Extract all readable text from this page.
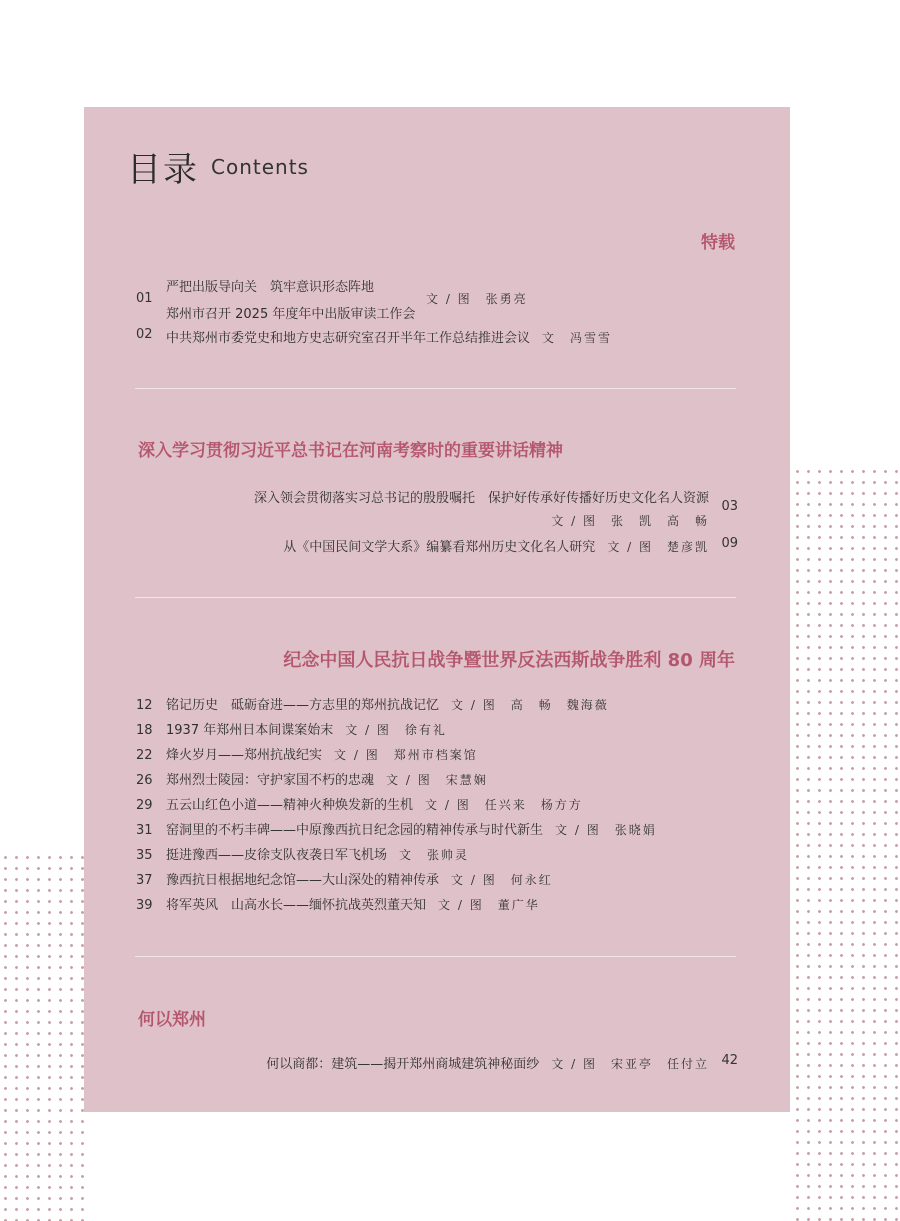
目录 Contents
特载
01
严把出版导向关　筑牢意识形态阵地
郑州市召开 2025 年度年中出版审读工作会
文 / 图　张勇亮
02 中共郑州市委党史和地方史志研究室召开半年工作总结推进会议 文　冯雪雪
深入学习贯彻习近平总书记在河南考察时的重要讲话精神
深入领会贯彻落实习总书记的殷殷嘱托　保护好传承好传播好历史文化名人资源
文 / 图　张　凯　高　畅
03
从《中国民间文学大系》编纂看郑州历史文化名人研究 文 / 图　楚彦凯 09
纪念中国人民抗日战争暨世界反法西斯战争胜利 80 周年
12 铭记历史　砥砺奋进——方志里的郑州抗战记忆 文 / 图　高　畅　魏海薇
18 1937 年郑州日本间谍案始末 文 / 图　徐有礼
22 烽火岁月——郑州抗战纪实 文 / 图　郑州市档案馆
26 郑州烈士陵园：守护家国不朽的忠魂 文 / 图　宋慧娴
29 五云山红色小道——精神火种焕发新的生机 文 / 图　任兴来　杨方方
31 窑洞里的不朽丰碑——中原豫西抗日纪念园的精神传承与时代新生 文 / 图　张晓娟
35 挺进豫西——皮徐支队夜袭日军飞机场 文　张帅灵
37 豫西抗日根据地纪念馆——大山深处的精神传承 文 / 图　何永红
39 将军英风　山高水长——缅怀抗战英烈董天知 文 / 图　董广华
何以郑州
何以商都：建筑——揭开郑州商城建筑神秘面纱 文 / 图　宋亚亭　任付立 42
